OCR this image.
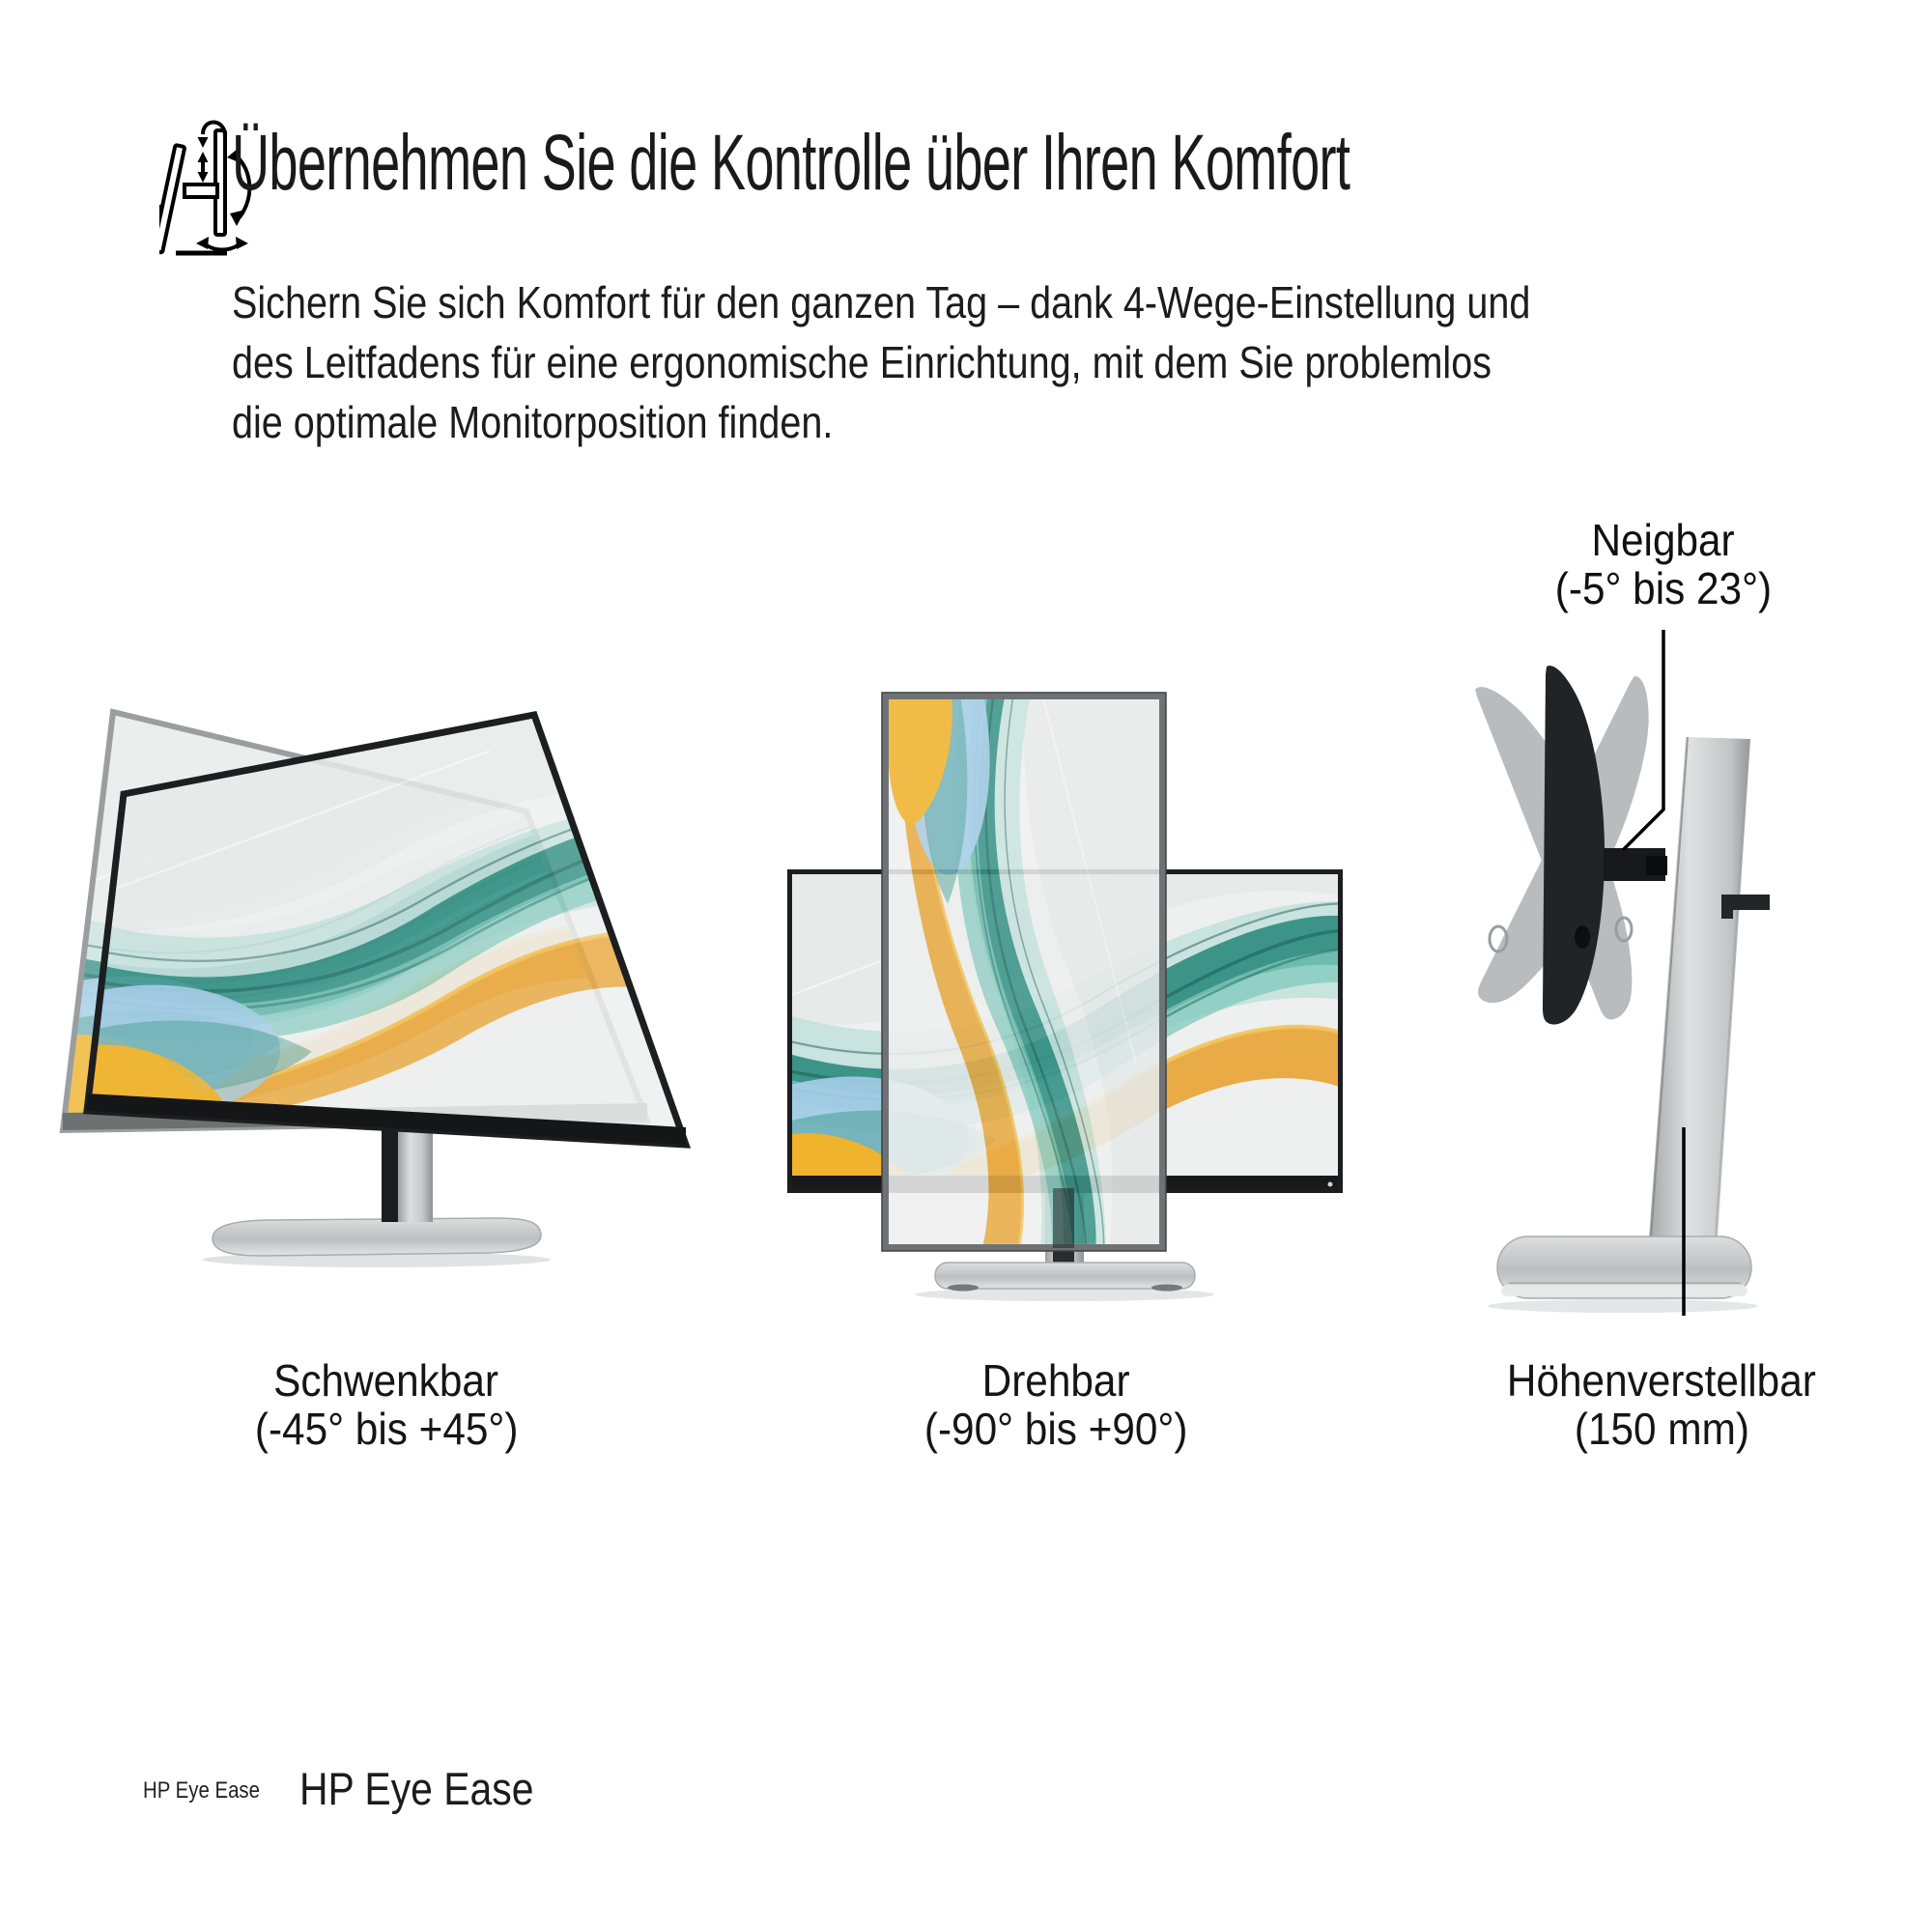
Übernehmen Sie die Kontrolle über Ihren Komfort
Sichern Sie sich Komfort für den ganzen Tag – dank 4-Wege-Einstellung und
des Leitfadens für eine ergonomische Einrichtung, mit dem Sie problemlos
die optimale Monitorposition finden.
Neigbar
(-5° bis 23°)
Schwenkbar
(-45° bis +45°)
Drehbar
(-90° bis +90°)
Höhenverstellbar
(150 mm)
HP Eye Ease HP Eye Ease
